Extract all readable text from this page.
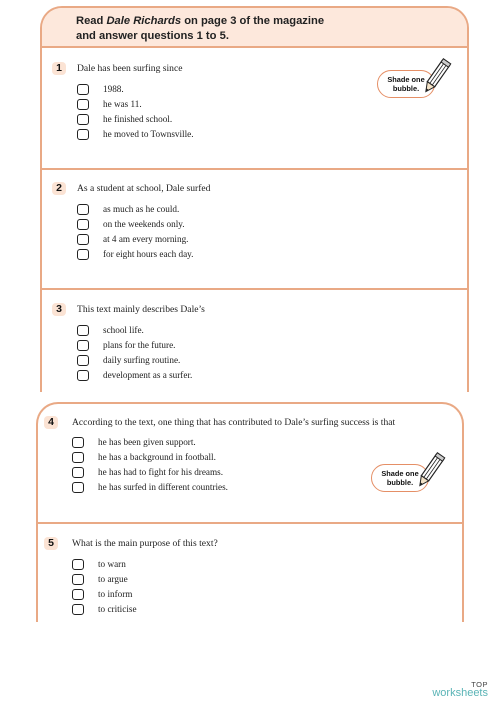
Read Dale Richards on page 3 of the magazine
and answer questions 1 to 5.
1	Dale has been surfing since
1988.
he was 11.
he finished school.
he moved to Townsville.
Shade one
bubble.
2	As a student at school, Dale surfed
as much as he could.
on the weekends only.
at 4 am every morning.
for eight hours each day.
3	This text mainly describes Dale’s
school life.
plans for the future.
daily surfing routine.
development as a surfer.
4	According to the text, one thing that has contributed to Dale’s surfing success is that
he has been given support.
he has a background in football.
he has had to fight for his dreams.
he has surfed in different countries.
Shade one
bubble.
5	What is the main purpose of this text?
to warn
to argue
to inform
to criticise
TOP
worksheets
